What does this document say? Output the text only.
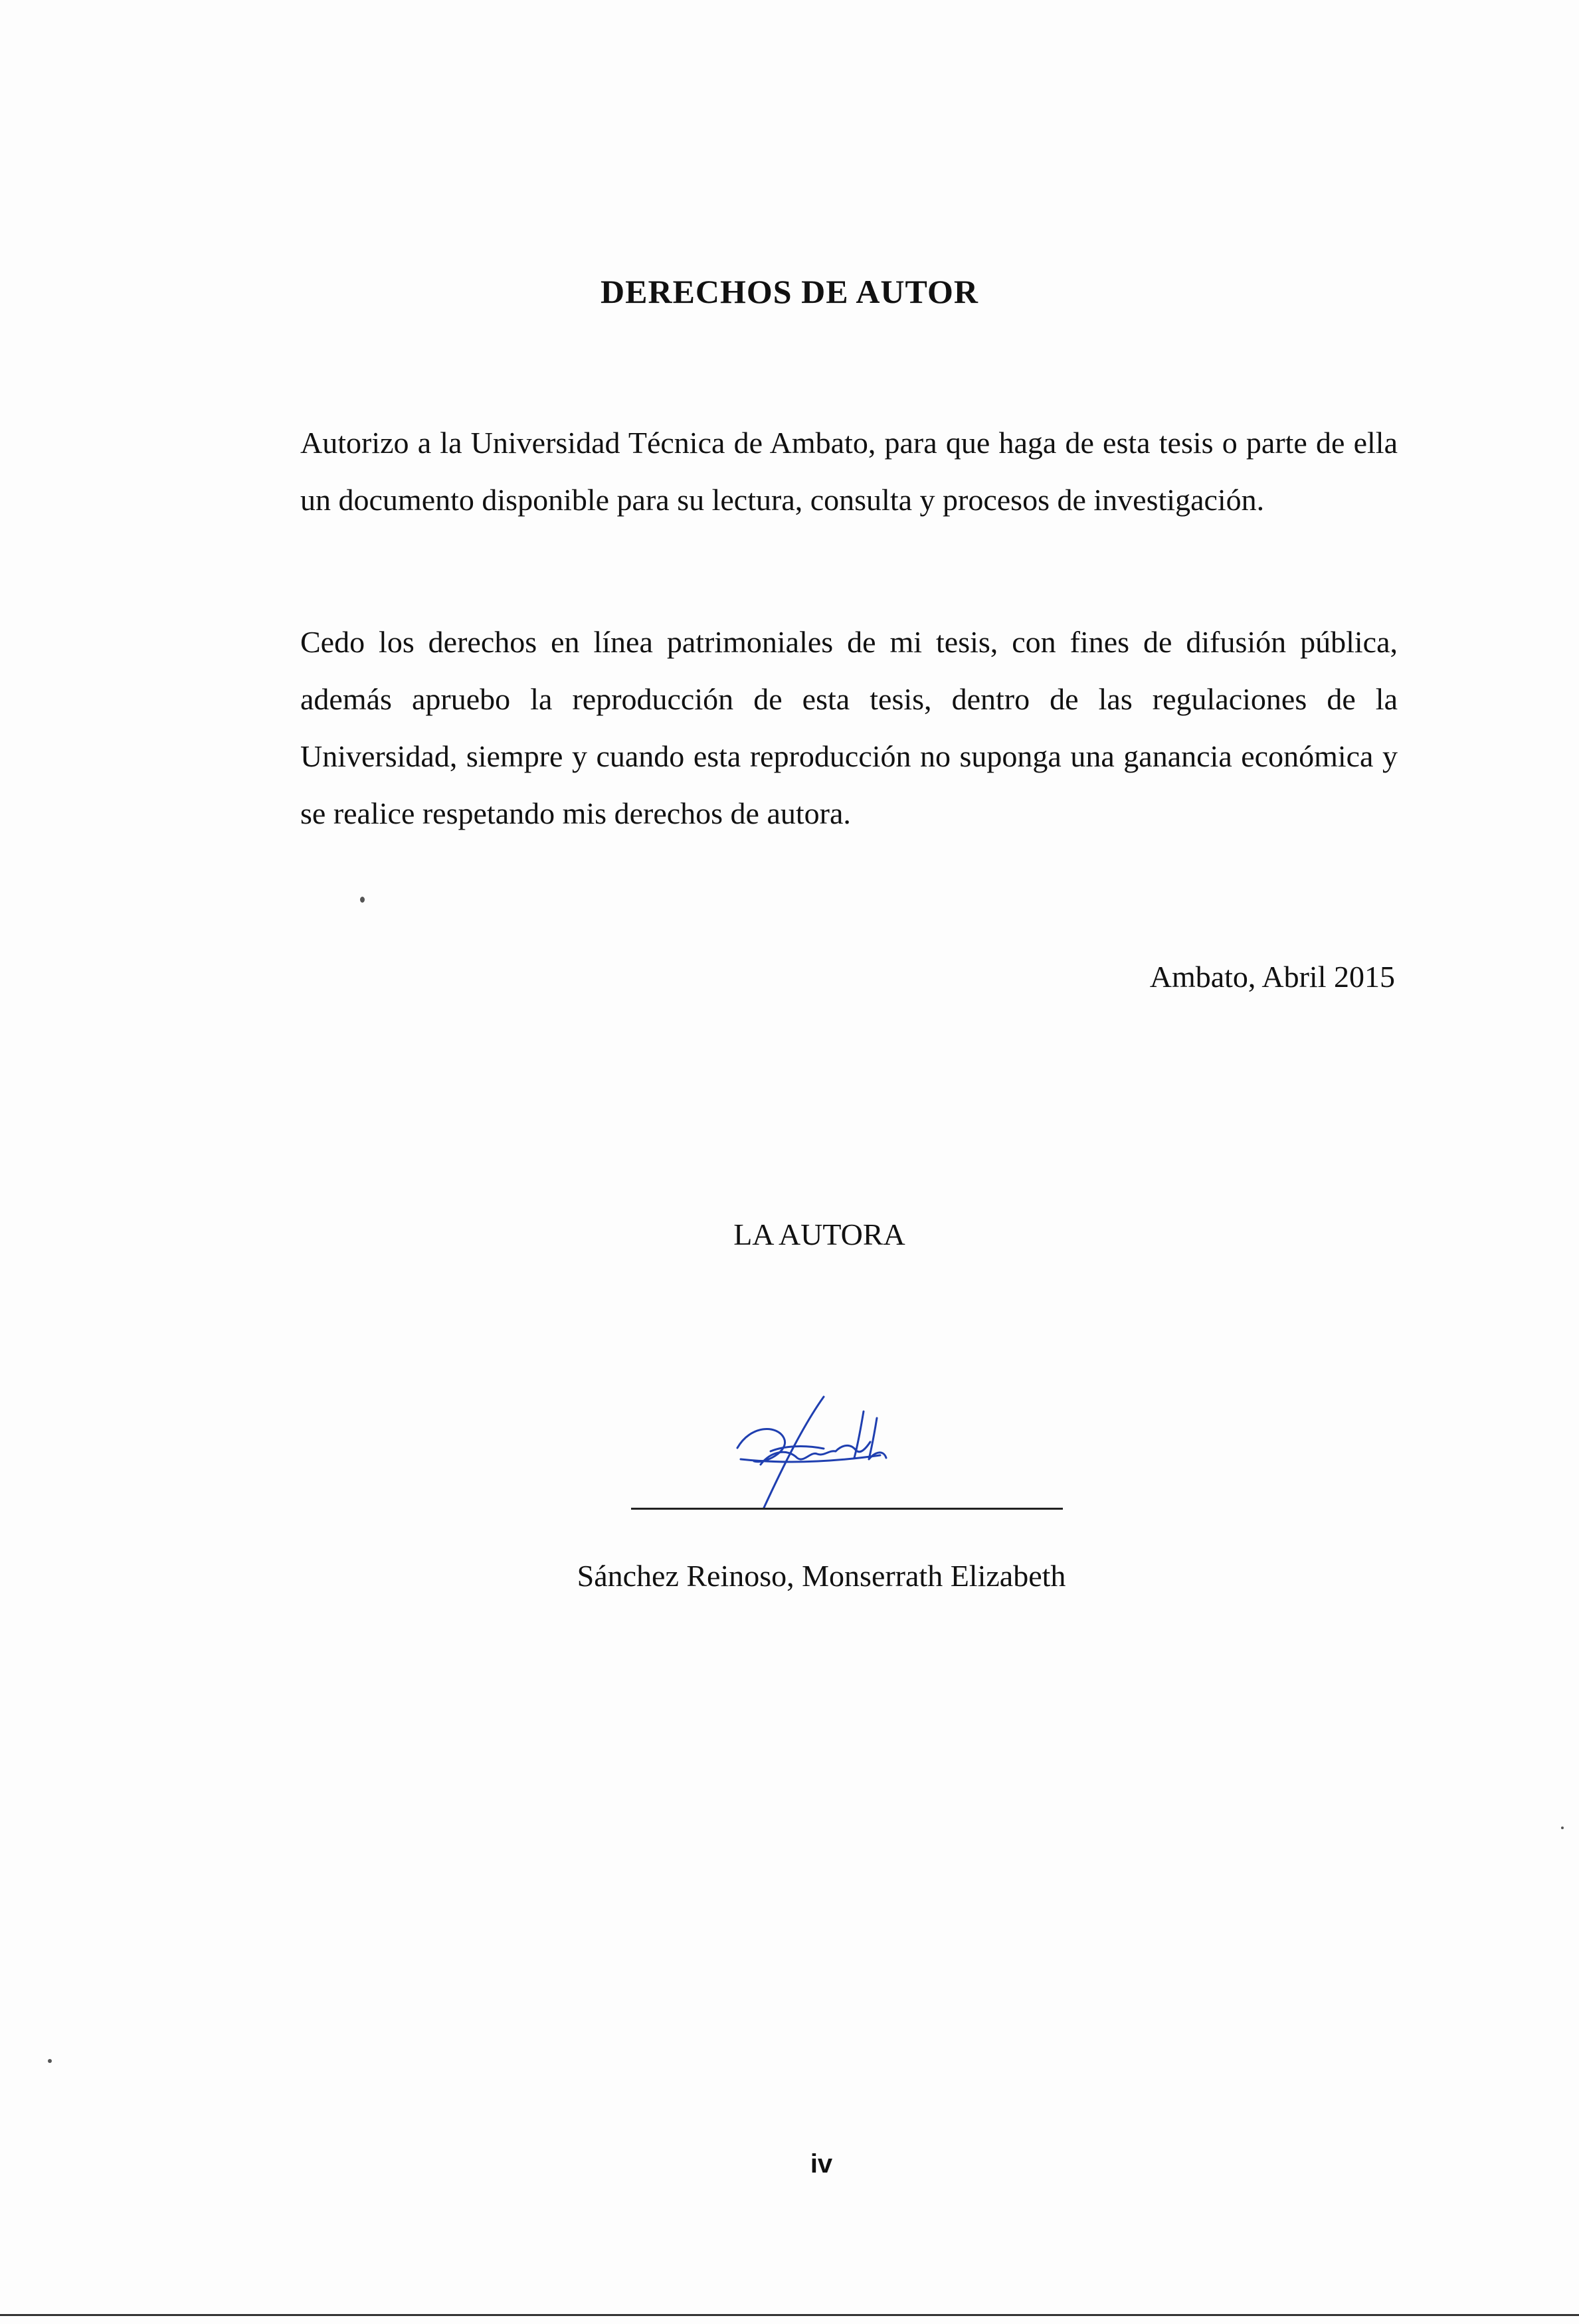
DERECHOS DE AUTOR

Autorizo a la Universidad Técnica de Ambato, para que haga de esta tesis o parte de ella un documento disponible para su lectura, consulta y procesos de investigación.

Cedo los derechos en línea patrimoniales de mi tesis, con fines de difusión pública, además apruebo la reproducción de esta tesis, dentro de las regulaciones de la Universidad, siempre y cuando esta reproducción no suponga una ganancia económica y se realice respetando mis derechos de autora.

Ambato, Abril 2015
LA AUTORA
Sánchez Reinoso, Monserrath Elizabeth
iv
